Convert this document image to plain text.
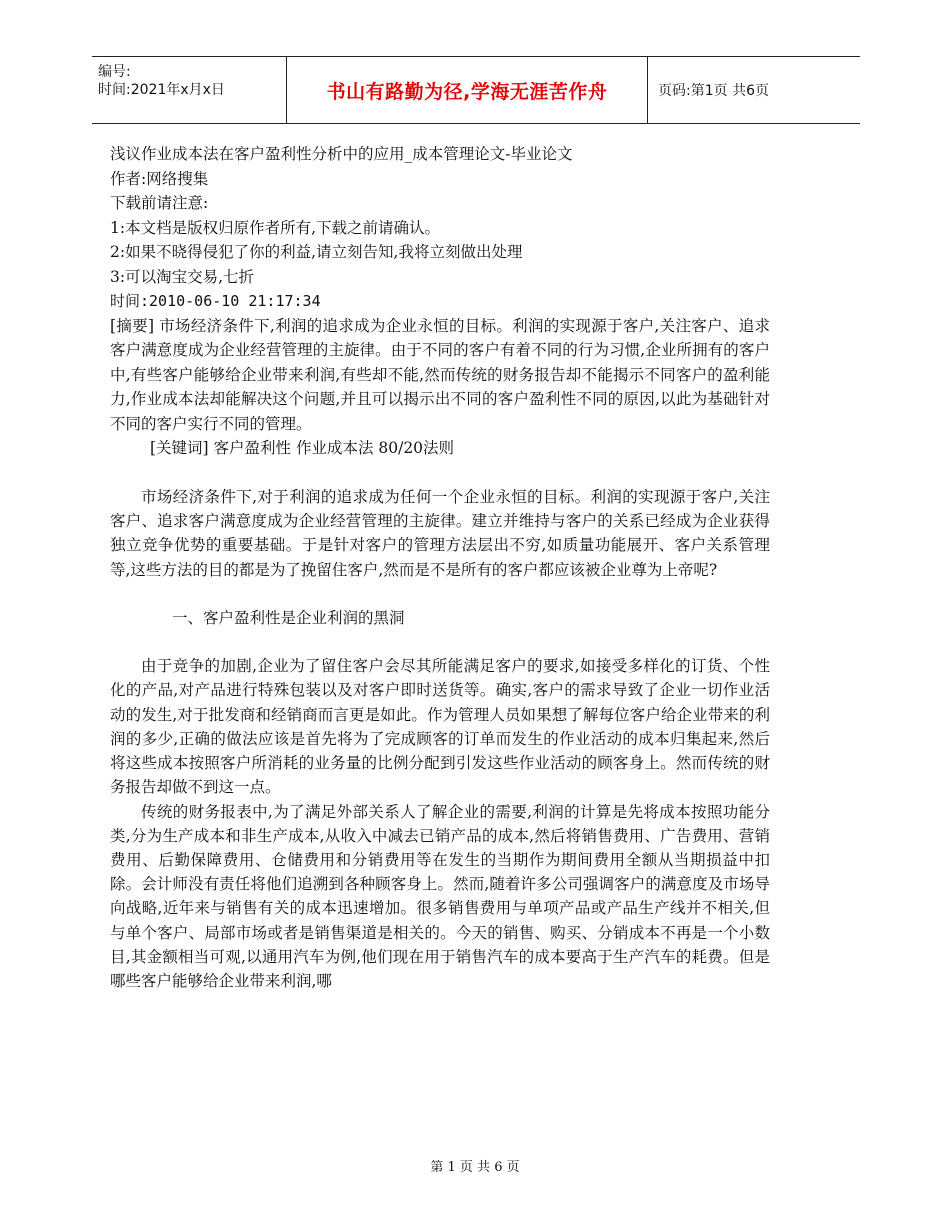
编号:
时间:2021年x月x日	书山有路勤为径,学海无涯苦作舟	页码:第1页 共6页
浅议作业成本法在客户盈利性分析中的应用_成本管理论文-毕业论文
作者:网络搜集
下载前请注意:
1:本文档是版权归原作者所有,下载之前请确认。
2:如果不晓得侵犯了你的利益,请立刻告知,我将立刻做出处理
3:可以淘宝交易,七折
时间:2010-06-10 21:17:34

[摘要] 市场经济条件下,利润的追求成为企业永恒的目标。利润的实现源于客户,关注客户、追求客户满意度成为企业经营管理的主旋律。由于不同的客户有着不同的行为习惯,企业所拥有的客户中,有些客户能够给企业带来利润,有些却不能,然而传统的财务报告却不能揭示不同客户的盈利能力,作业成本法却能解决这个问题,并且可以揭示出不同的客户盈利性不同的原因,以此为基础针对不同的客户实行不同的管理。

[关键词] 客户盈利性 作业成本法 80/20法则

市场经济条件下,对于利润的追求成为任何一个企业永恒的目标。利润的实现源于客户,关注客户、追求客户满意度成为企业经营管理的主旋律。建立并维持与客户的关系已经成为企业获得独立竞争优势的重要基础。于是针对客户的管理方法层出不穷,如质量功能展开、客户关系管理等,这些方法的目的都是为了挽留住客户,然而是不是所有的客户都应该被企业尊为上帝呢?

一、客户盈利性是企业利润的黑洞

由于竞争的加剧,企业为了留住客户会尽其所能满足客户的要求,如接受多样化的订货、个性化的产品,对产品进行特殊包装以及对客户即时送货等。确实,客户的需求导致了企业一切作业活动的发生,对于批发商和经销商而言更是如此。作为管理人员如果想了解每位客户给企业带来的利润的多少,正确的做法应该是首先将为了完成顾客的订单而发生的作业活动的成本归集起来,然后将这些成本按照客户所消耗的业务量的比例分配到引发这些作业活动的顾客身上。然而传统的财务报告却做不到这一点。

传统的财务报表中,为了满足外部关系人了解企业的需要,利润的计算是先将成本按照功能分类,分为生产成本和非生产成本,从收入中减去已销产品的成本,然后将销售费用、广告费用、营销费用、后勤保障费用、仓储费用和分销费用等在发生的当期作为期间费用全额从当期损益中扣除。会计师没有责任将他们追溯到各种顾客身上。然而,随着许多公司强调客户的满意度及市场导向战略,近年来与销售有关的成本迅速增加。很多销售费用与单项产品或产品生产线并不相关,但与单个客户、局部市场或者是销售渠道是相关的。今天的销售、购买、分销成本不再是一个小数目,其金额相当可观,以通用汽车为例,他们现在用于销售汽车的成本要高于生产汽车的耗费。但是哪些客户能够给企业带来利润,哪

第 1 页 共 6 页
